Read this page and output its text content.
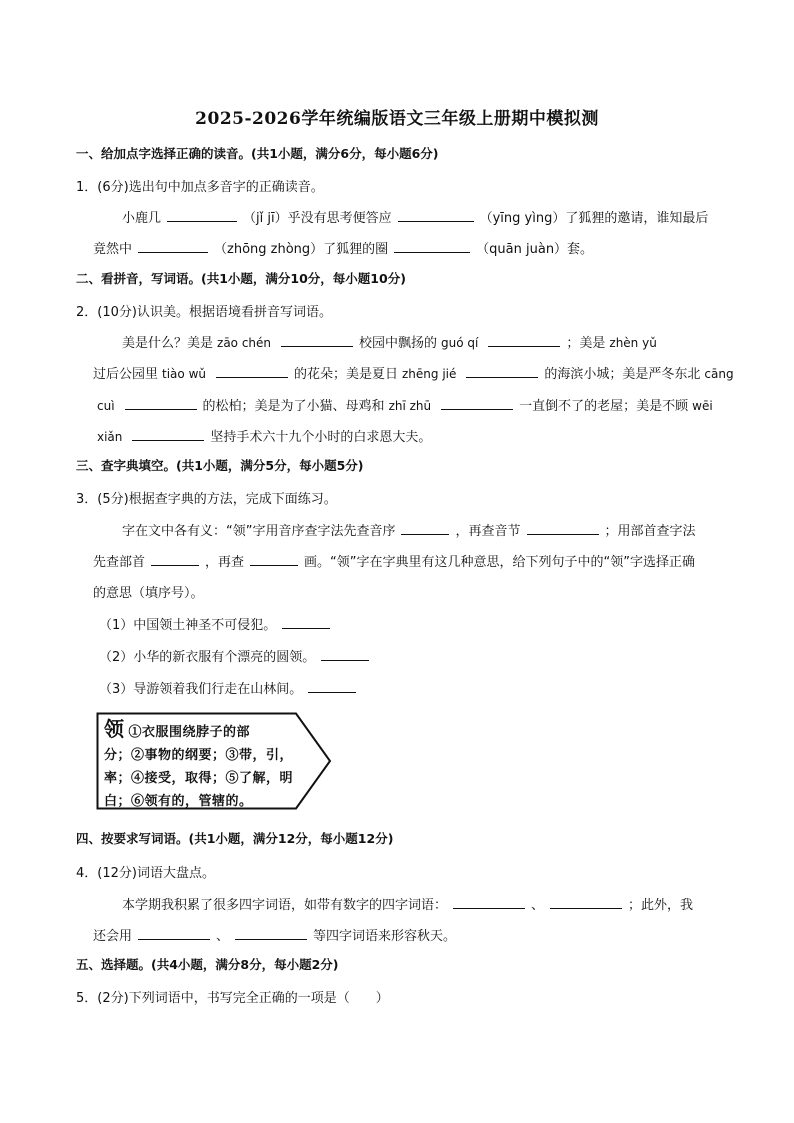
2025-2026学年统编版语文三年级上册期中模拟测
一、给加点字选择正确的读音。(共1小题，满分6分，每小题6分)
1．(6分)选出句中加点多音字的正确读音。
小鹿几	（jǐ jī）乎没有思考便答应	（yīng yìng）了狐狸的邀请，谁知最后
竟然中	（zhōng zhòng）了狐狸的圈	（quān juàn）套。
二、看拼音，写词语。(共1小题，满分10分，每小题10分)
2．(10分)认识美。根据语境看拼音写词语。
美是什么？美是 zāo chén	校园中飘扬的 guó qí	；美是 zhèn yǔ
过后公园里 tiào wǔ	的花朵；美是夏日 zhēng jié	的海滨小城；美是严冬东北 cāng
cuì	的松柏；美是为了小猫、母鸡和 zhī zhū	一直倒不了的老屋；美是不顾 wēi
xiǎn	坚持手术六十九个小时的白求恩大夫。
三、查字典填空。(共1小题，满分5分，每小题5分)
3．(5分)根据查字典的方法，完成下面练习。
字在文中各有义：“领”字用音序查字法先查音序	，再查音节	；用部首查字法
先查部首	，再查	画。“领”字在字典里有这几种意思，给下列句子中的“领”字选择正确
的意思（填序号）。
（1）中国领土神圣不可侵犯。
（2）小华的新衣服有个漂亮的圆领。
（3）导游领着我们行走在山林间。
领 ①衣服围绕脖子的部
分；②事物的纲要；③带，引，
率；④接受，取得；⑤了解，明
白；⑥领有的，管辖的。
四、按要求写词语。(共1小题，满分12分，每小题12分)
4．(12分)词语大盘点。
本学期我积累了很多四字词语，如带有数字的四字词语：	、	；此外，我
还会用	、	等四字词语来形容秋天。
五、选择题。(共4小题，满分8分，每小题2分)
5．(2分)下列词语中，书写完全正确的一项是（　　）
